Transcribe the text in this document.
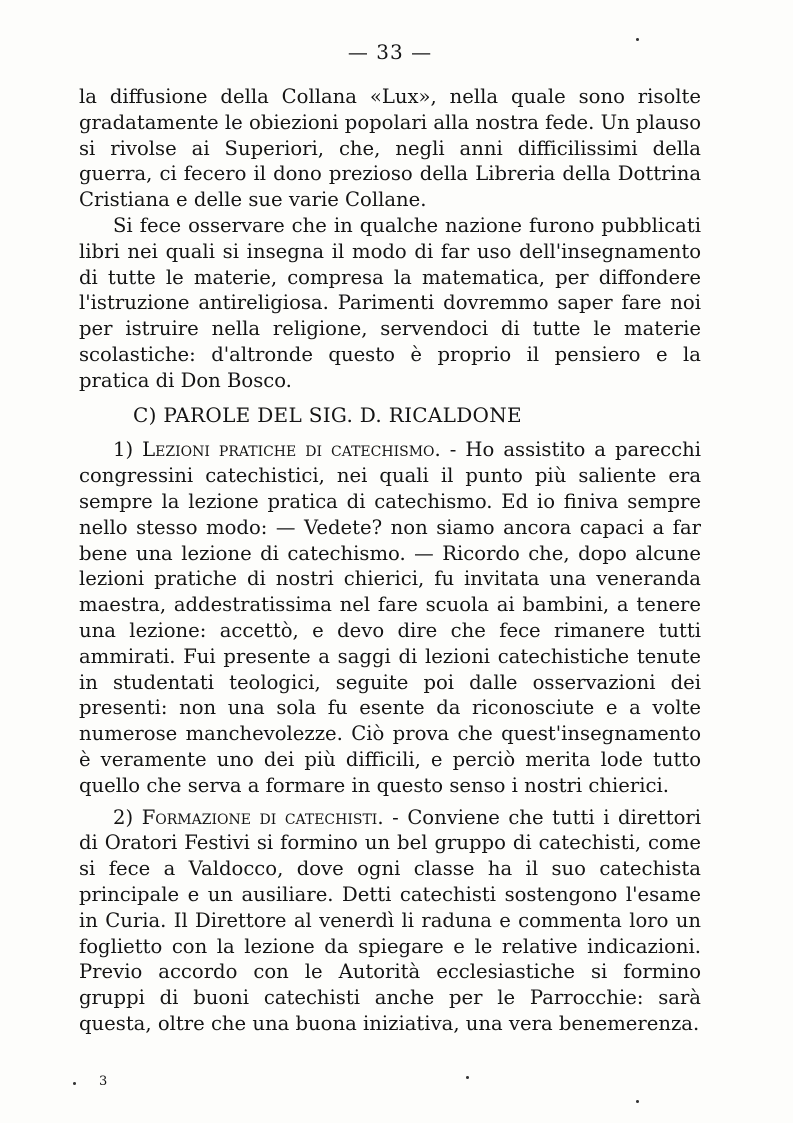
— 33 —

la diffusione della Collana «Lux», nella quale sono risolte gradatamente le obiezioni popolari alla nostra fede. Un plauso si rivolse ai Superiori, che, negli anni difficilissimi della guerra, ci fecero il dono prezioso della Libreria della Dottrina Cristiana e delle sue varie Collane.

Si fece osservare che in qualche nazione furono pubblicati libri nei quali si insegna il modo di far uso dell'insegnamento di tutte le materie, compresa la matematica, per diffondere l'istruzione antireligiosa. Parimenti dovremmo saper fare noi per istruire nella religione, servendoci di tutte le materie scolastiche: d'altronde questo è proprio il pensiero e la pratica di Don Bosco.

C) PAROLE DEL SIG. D. RICALDONE

1) Lezioni pratiche di catechismo. - Ho assistito a parecchi congressini catechistici, nei quali il punto più saliente era sempre la lezione pratica di catechismo. Ed io finiva sempre nello stesso modo: — Vedete? non siamo ancora capaci a far bene una lezione di catechismo. — Ricordo che, dopo alcune lezioni pratiche di nostri chierici, fu invitata una veneranda maestra, addestratissima nel fare scuola ai bambini, a tenere una lezione: accettò, e devo dire che fece rimanere tutti ammirati. Fui presente a saggi di lezioni catechistiche tenute in studentati teologici, seguite poi dalle osservazioni dei presenti: non una sola fu esente da riconosciute e a volte numerose manchevolezze. Ciò prova che quest'insegnamento è veramente uno dei più difficili, e perciò merita lode tutto quello che serva a formare in questo senso i nostri chierici.

2) Formazione di catechisti. - Conviene che tutti i direttori di Oratori Festivi si formino un bel gruppo di catechisti, come si fece a Valdocco, dove ogni classe ha il suo catechista principale e un ausiliare. Detti catechisti sostengono l'esame in Curia. Il Direttore al venerdì li raduna e commenta loro un foglietto con la lezione da spiegare e le relative indicazioni. Previo accordo con le Autorità ecclesiastiche si formino gruppi di buoni catechisti anche per le Parrocchie: sarà questa, oltre che una buona iniziativa, una vera benemerenza.

3
